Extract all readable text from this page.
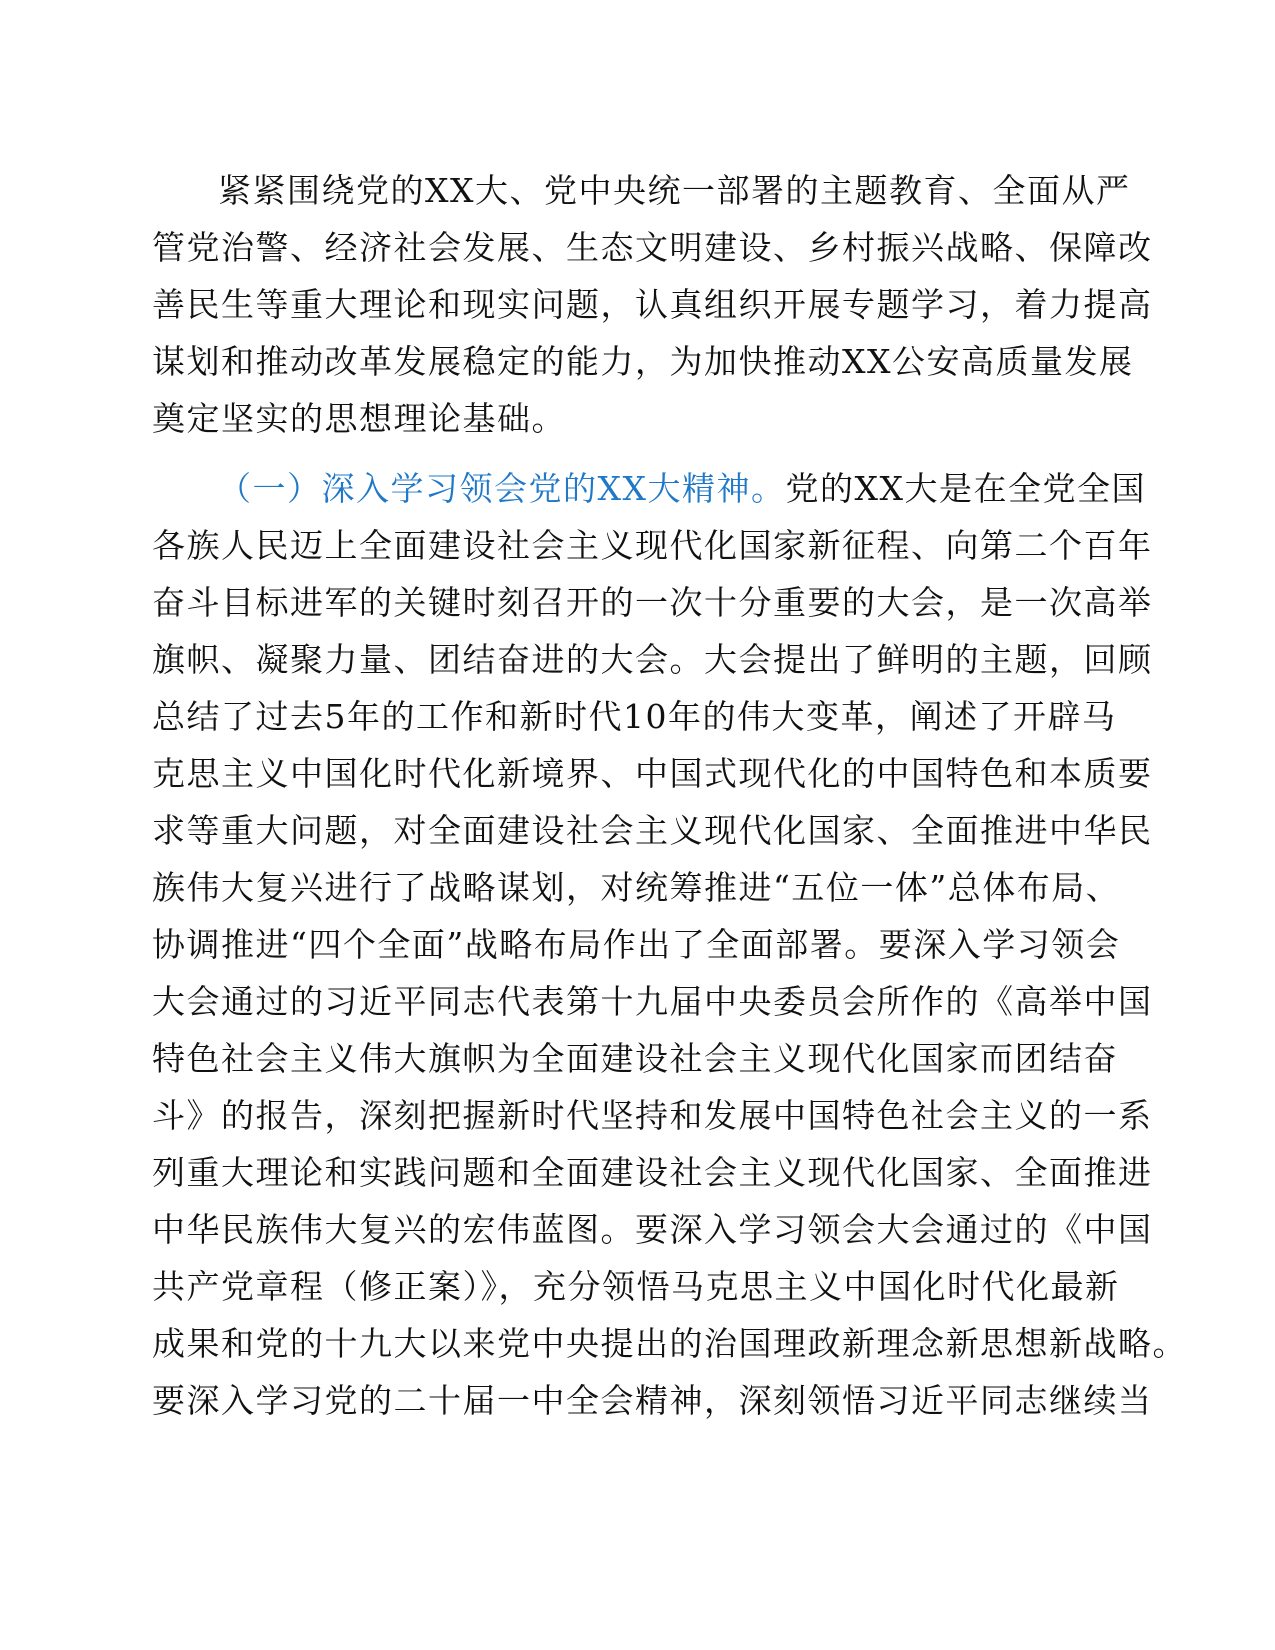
紧紧围绕党的XX大、党中央统一部署的主题教育、全面从严
管党治警、经济社会发展、生态文明建设、乡村振兴战略、保障改
善民生等重大理论和现实问题，认真组织开展专题学习，着力提高
谋划和推动改革发展稳定的能力，为加快推动XX公安高质量发展
奠定坚实的思想理论基础。
（一）深入学习领会党的XX大精神。党的XX大是在全党全国
各族人民迈上全面建设社会主义现代化国家新征程、向第二个百年
奋斗目标进军的关键时刻召开的一次十分重要的大会，是一次高举
旗帜、凝聚力量、团结奋进的大会。大会提出了鲜明的主题，回顾
总结了过去5年的工作和新时代10年的伟大变革，阐述了开辟马
克思主义中国化时代化新境界、中国式现代化的中国特色和本质要
求等重大问题，对全面建设社会主义现代化国家、全面推进中华民
族伟大复兴进行了战略谋划，对统筹推进“五位一体”总体布局、
协调推进“四个全面”战略布局作出了全面部署。要深入学习领会
大会通过的习近平同志代表第十九届中央委员会所作的《高举中国
特色社会主义伟大旗帜为全面建设社会主义现代化国家而团结奋
斗》的报告，深刻把握新时代坚持和发展中国特色社会主义的一系
列重大理论和实践问题和全面建设社会主义现代化国家、全面推进
中华民族伟大复兴的宏伟蓝图。要深入学习领会大会通过的《中国
共产党章程（修正案）》，充分领悟马克思主义中国化时代化最新
成果和党的十九大以来党中央提出的治国理政新理念新思想新战略。
要深入学习党的二十届一中全会精神，深刻领悟习近平同志继续当
